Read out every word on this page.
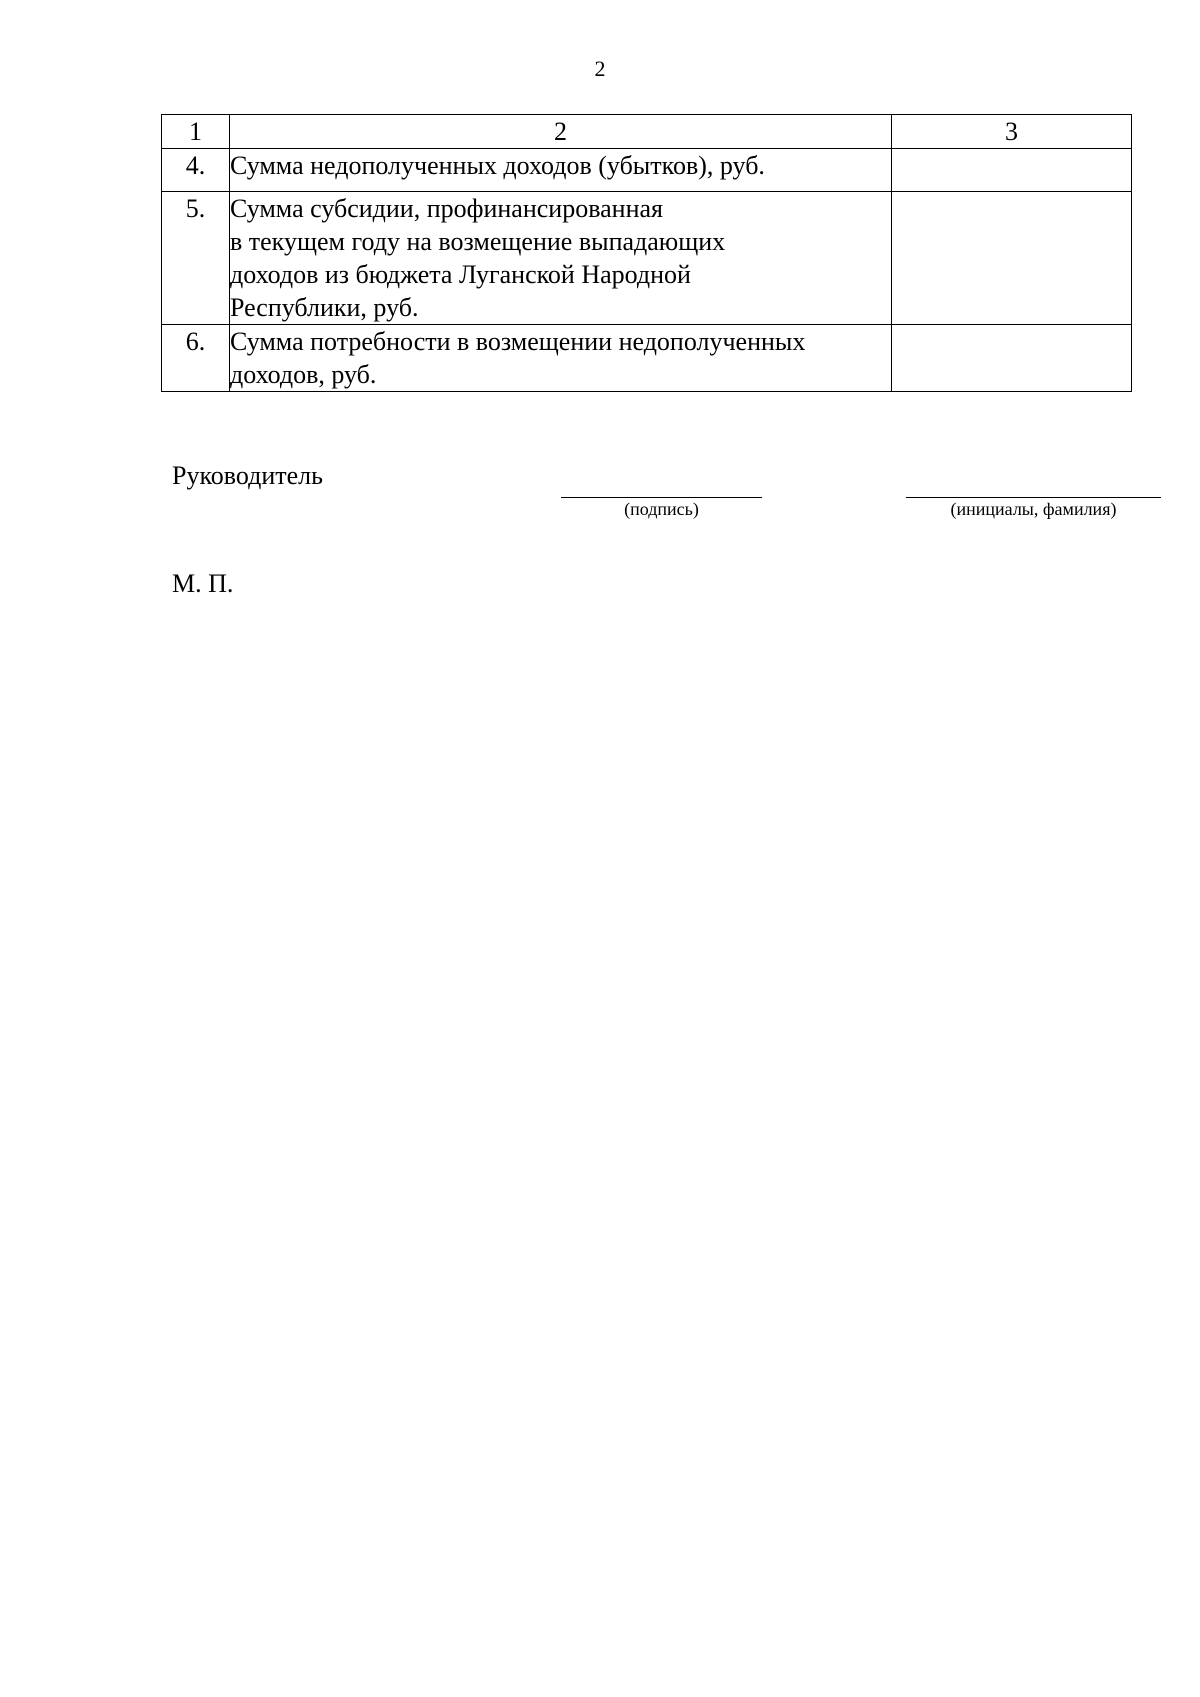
2
1	2	3
4.	Сумма недополученных доходов (убытков), руб.	

5.	Сумма субсидии, профинансированная
в текущем году на возмещение выпадающих
доходов из бюджета Луганской Народной
Республики, руб.	

6.	Сумма потребности в возмещении недополученных
доходов, руб.	

Руководитель
(подпись)	(инициалы, фамилия)
М. П.
